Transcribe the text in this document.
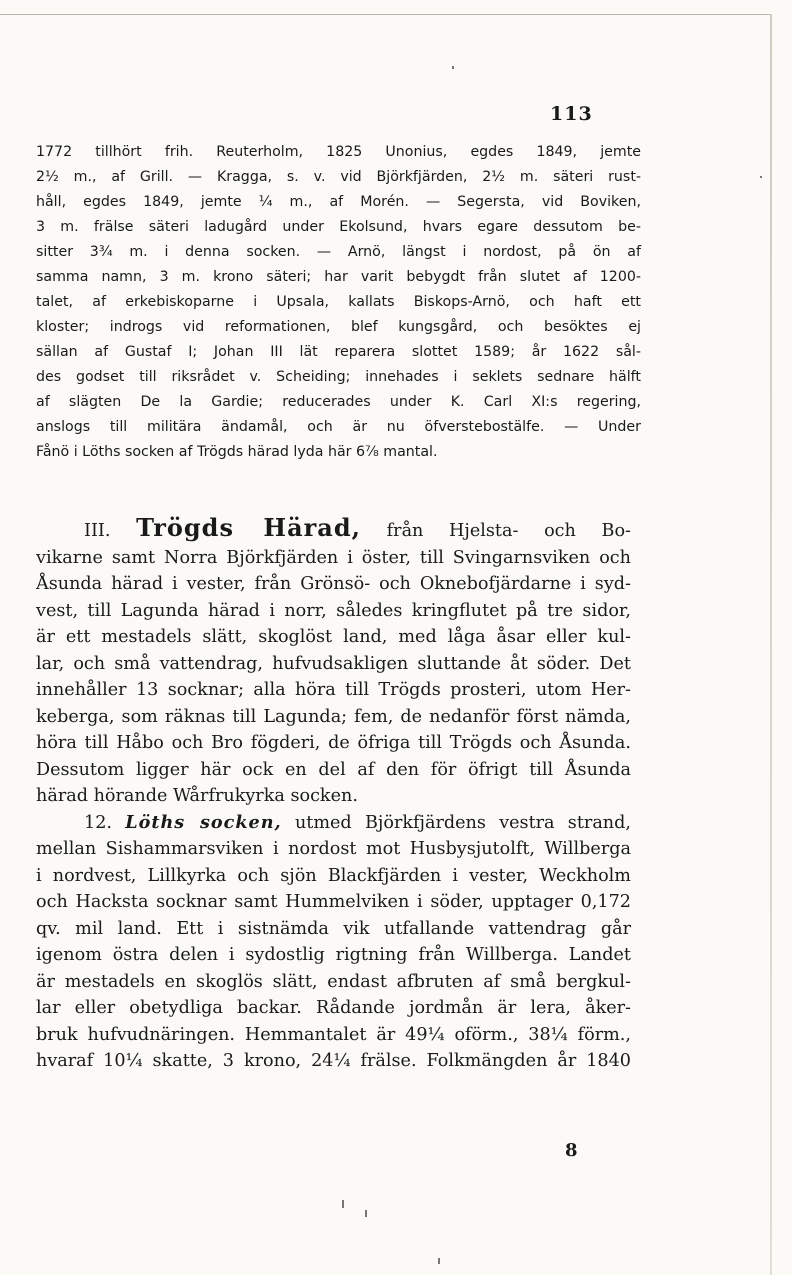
113
1772 tillhört frih. Reuterholm, 1825 Unonius, egdes 1849, jemte
2½ m., af Grill. — Kragga, s. v. vid Björkfjärden, 2½ m. säteri rust-
håll, egdes 1849, jemte ¼ m., af Morén. — Segersta, vid Boviken,
3 m. frälse säteri ladugård under Ekolsund, hvars egare dessutom be-
sitter 3¾ m. i denna socken. — Arnö, längst i nordost, på ön af
samma namn, 3 m. krono säteri; har varit bebygdt från slutet af 1200-
talet, af erkebiskoparne i Upsala, kallats Biskops-Arnö, och haft ett
kloster; indrogs vid reformationen, blef kungsgård, och besöktes ej
sällan af Gustaf I; Johan III lät reparera slottet 1589; år 1622 sål-
des godset till riksrådet v. Scheiding; innehades i seklets sednare hälft
af slägten De la Gardie; reducerades under K. Carl XI:s regering,
anslogs till militära ändamål, och är nu öfverstebostälfe. — Under
Fånö i Löths socken af Trögds härad lyda här 6⅞ mantal.
III. Trögds Härad, från Hjelsta- och Bo-
vikarne samt Norra Björkfjärden i öster, till Svingarnsviken och
Åsunda härad i vester, från Grönsö- och Oknebofjärdarne i syd-
vest, till Lagunda härad i norr, således kringflutet på tre sidor,
är ett mestadels slätt, skoglöst land, med låga åsar eller kul-
lar, och små vattendrag, hufvudsakligen sluttande åt söder. Det
innehåller 13 socknar; alla höra till Trögds prosteri, utom Her-
keberga, som räknas till Lagunda; fem, de nedanför först nämda,
höra till Håbo och Bro fögderi, de öfriga till Trögds och Åsunda.
Dessutom ligger här ock en del af den för öfrigt till Åsunda
härad hörande Wårfrukyrka socken.
12. Löths socken, utmed Björkfjärdens vestra strand,
mellan Sishammarsviken i nordost mot Husbysjutolft, Willberga
i nordvest, Lillkyrka och sjön Blackfjärden i vester, Weckholm
och Hacksta socknar samt Hummelviken i söder, upptager 0,172
qv. mil land. Ett i sistnämda vik utfallande vattendrag går
igenom östra delen i sydostlig rigtning från Willberga. Landet
är mestadels en skoglös slätt, endast afbruten af små bergkul-
lar eller obetydliga backar. Rådande jordmån är lera, åker-
bruk hufvudnäringen. Hemmantalet är 49¼ oförm., 38¼ förm.,
hvaraf 10¼ skatte, 3 krono, 24¼ frälse. Folkmängden år 1840
8
